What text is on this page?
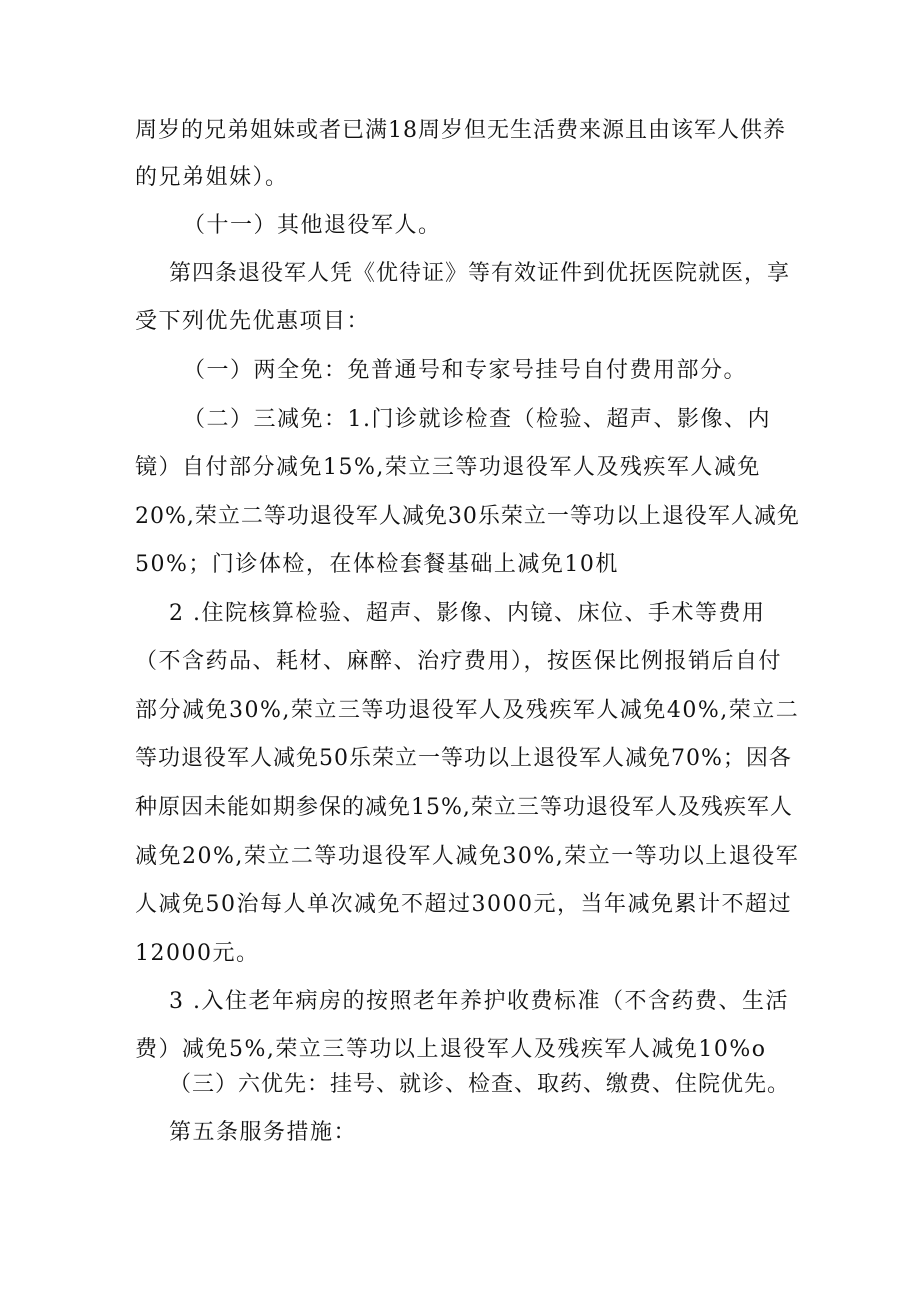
周岁的兄弟姐妹或者已满18周岁但无生活费来源且由该军人供养
的兄弟姐妹）。
（十一）其他退役军人。
第四条退役军人凭《优待证》等有效证件到优抚医院就医，享
受下列优先优惠项目：
（一）两全免：免普通号和专家号挂号自付费用部分。
（二）三减免：1.门诊就诊检查（检验、超声、影像、内
镜）自付部分减免15%,荣立三等功退役军人及残疾军人减免
20%,荣立二等功退役军人减免30乐荣立一等功以上退役军人减免
50%；门诊体检，在体检套餐基础上减免10机
2 .住院核算检验、超声、影像、内镜、床位、手术等费用
（不含药品、耗材、麻醉、治疗费用），按医保比例报销后自付
部分减免30%,荣立三等功退役军人及残疾军人减免40%,荣立二
等功退役军人减免50乐荣立一等功以上退役军人减免70%；因各
种原因未能如期参保的减免15%,荣立三等功退役军人及残疾军人
减免20%,荣立二等功退役军人减免30%,荣立一等功以上退役军
人减免50治每人单次减免不超过3000元，当年减免累计不超过
12000元。
3 .入住老年病房的按照老年养护收费标准（不含药费、生活
费）减免5%,荣立三等功以上退役军人及残疾军人减免10%o
（三）六优先：挂号、就诊、检查、取药、缴费、住院优先。
第五条服务措施：
